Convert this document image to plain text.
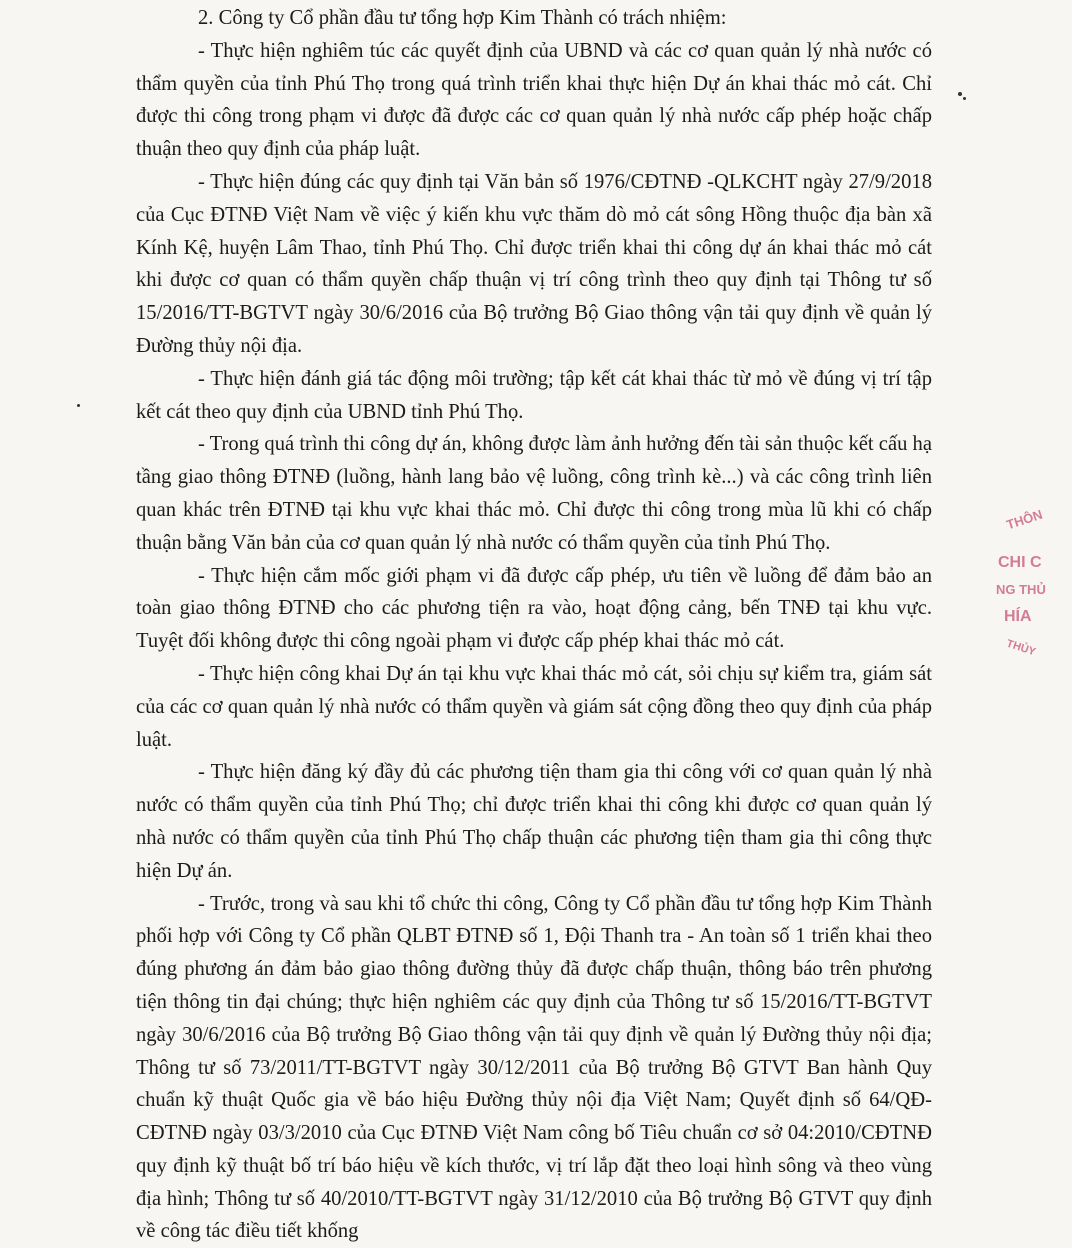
2. Công ty Cổ phần đầu tư tổng hợp Kim Thành có trách nhiệm:

- Thực hiện nghiêm túc các quyết định của UBND và các cơ quan quản lý nhà nước có thẩm quyền của tỉnh Phú Thọ trong quá trình triển khai thực hiện Dự án khai thác mỏ cát. Chỉ được thi công trong phạm vi được đã được các cơ quan quản lý nhà nước cấp phép hoặc chấp thuận theo quy định của pháp luật.

- Thực hiện đúng các quy định tại Văn bản số 1976/CĐTNĐ -QLKCHT ngày 27/9/2018 của Cục ĐTNĐ Việt Nam về việc ý kiến khu vực thăm dò mỏ cát sông Hồng thuộc địa bàn xã Kính Kệ, huyện Lâm Thao, tỉnh Phú Thọ. Chỉ được triển khai thi công dự án khai thác mỏ cát khi được cơ quan có thẩm quyền chấp thuận vị trí công trình theo quy định tại Thông tư số 15/2016/TT-BGTVT ngày 30/6/2016 của Bộ trưởng Bộ Giao thông vận tải quy định về quản lý Đường thủy nội địa.

- Thực hiện đánh giá tác động môi trường; tập kết cát khai thác từ mỏ về đúng vị trí tập kết cát theo quy định của UBND tỉnh Phú Thọ.

- Trong quá trình thi công dự án, không được làm ảnh hưởng đến tài sản thuộc kết cấu hạ tầng giao thông ĐTNĐ (luồng, hành lang bảo vệ luồng, công trình kè...) và các công trình liên quan khác trên ĐTNĐ tại khu vực khai thác mỏ. Chỉ được thi công trong mùa lũ khi có chấp thuận bằng Văn bản của cơ quan quản lý nhà nước có thẩm quyền của tỉnh Phú Thọ.

- Thực hiện cắm mốc giới phạm vi đã được cấp phép, ưu tiên về luồng để đảm bảo an toàn giao thông ĐTNĐ cho các phương tiện ra vào, hoạt động cảng, bến TNĐ tại khu vực. Tuyệt đối không được thi công ngoài phạm vi được cấp phép khai thác mỏ cát.

- Thực hiện công khai Dự án tại khu vực khai thác mỏ cát, sỏi chịu sự kiểm tra, giám sát của các cơ quan quản lý nhà nước có thẩm quyền và giám sát cộng đồng theo quy định của pháp luật.

- Thực hiện đăng ký đầy đủ các phương tiện tham gia thi công với cơ quan quản lý nhà nước có thẩm quyền của tỉnh Phú Thọ; chỉ được triển khai thi công khi được cơ quan quản lý nhà nước có thẩm quyền của tỉnh Phú Thọ chấp thuận các phương tiện tham gia thi công thực hiện Dự án.

- Trước, trong và sau khi tổ chức thi công, Công ty Cổ phần đầu tư tổng hợp Kim Thành phối hợp với Công ty Cổ phần QLBT ĐTNĐ số 1, Đội Thanh tra - An toàn số 1 triển khai theo đúng phương án đảm bảo giao thông đường thủy đã được chấp thuận, thông báo trên phương tiện thông tin đại chúng; thực hiện nghiêm các quy định của Thông tư số 15/2016/TT-BGTVT ngày 30/6/2016 của Bộ trưởng Bộ Giao thông vận tải quy định về quản lý Đường thủy nội địa; Thông tư số 73/2011/TT-BGTVT ngày 30/12/2011 của Bộ trưởng Bộ GTVT Ban hành Quy chuẩn kỹ thuật Quốc gia về báo hiệu Đường thủy nội địa Việt Nam; Quyết định số 64/QĐ- CĐTNĐ ngày 03/3/2010 của Cục ĐTNĐ Việt Nam công bố Tiêu chuẩn cơ sở 04:2010/CĐTNĐ quy định kỹ thuật bố trí báo hiệu về kích thước, vị trí lắp đặt theo loại hình sông và theo vùng địa hình; Thông tư số 40/2010/TT-BGTVT ngày 31/12/2010 của Bộ trưởng Bộ GTVT quy định về công tác điều tiết khống

THÔN
CHI C
NG THỦ
HÍA
THỦY
